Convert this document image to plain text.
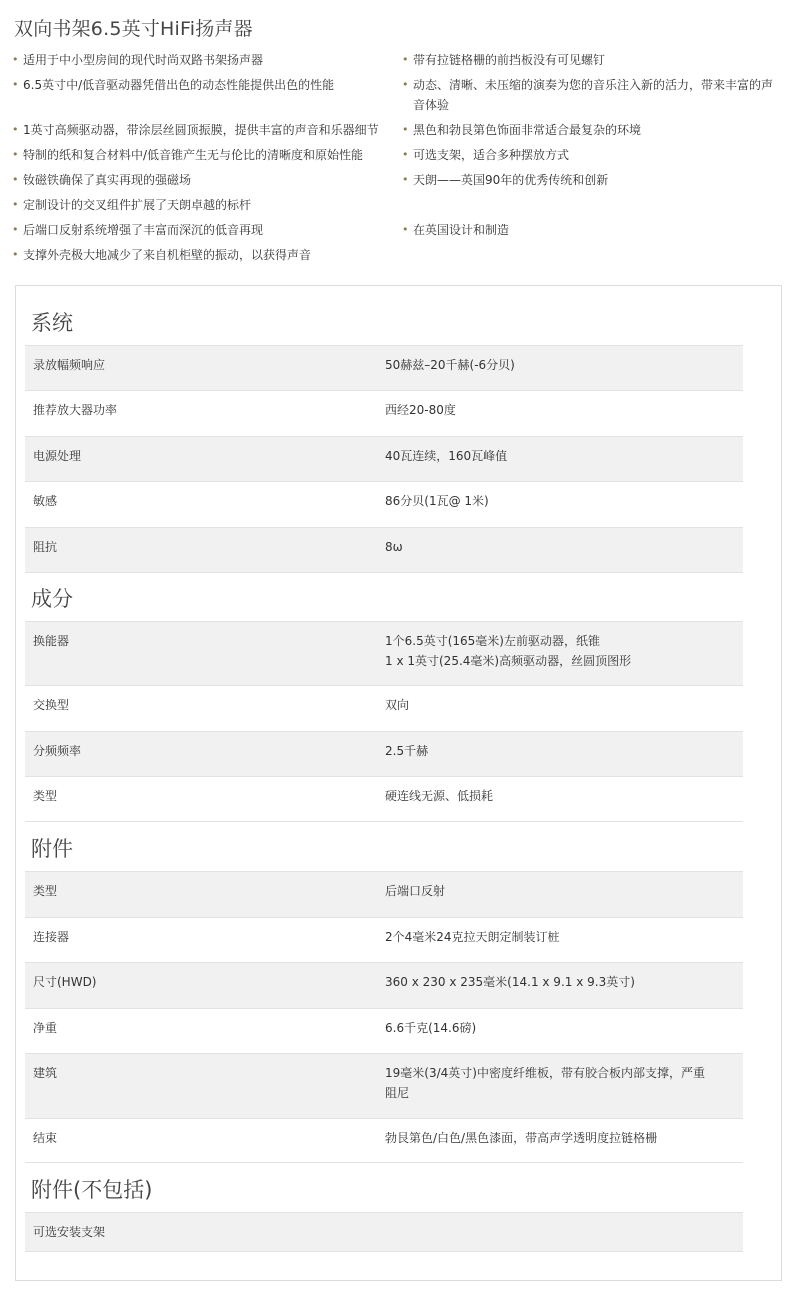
双向书架6.5英寸HiFi扬声器
• 适用于中小型房间的现代时尚双路书架扬声器	• 带有拉链格栅的前挡板没有可见螺钉
• 6.5英寸中/低音驱动器凭借出色的动态性能提供出色的性能	• 动态、清晰、未压缩的演奏为您的音乐注入新的活力，带来丰富的声音体验
• 1英寸高频驱动器，带涂层丝圆顶振膜，提供丰富的声音和乐器细节	• 黑色和勃艮第色饰面非常适合最复杂的环境
• 特制的纸和复合材料中/低音锥产生无与伦比的清晰度和原始性能	• 可选支架，适合多种摆放方式
• 钕磁铁确保了真实再现的强磁场	• 天朗——英国90年的优秀传统和创新
• 定制设计的交叉组件扩展了天朗卓越的标杆
• 后端口反射系统增强了丰富而深沉的低音再现	• 在英国设计和制造
• 支撑外壳极大地减少了来自机柜壁的振动，以获得声音
系统
录放幅频响应	50赫兹–20千赫(-6分贝)
推荐放大器功率	西经20-80度
电源处理	40瓦连续，160瓦峰值
敏感	86分贝(1瓦@ 1米)
阻抗	8ω
成分
换能器	1个6.5英寸(165毫米)左前驱动器，纸锥
1 x 1英寸(25.4毫米)高频驱动器，丝圆顶图形
交换型	双向
分频频率	2.5千赫
类型	硬连线无源、低损耗
附件
类型	后端口反射
连接器	2个4毫米24克拉天朗定制装订桩
尺寸(HWD)	360 x 230 x 235毫米(14.1 x 9.1 x 9.3英寸)
净重	6.6千克(14.6磅)
建筑	19毫米(3/4英寸)中密度纤维板，带有胶合板内部支撑，严重
阻尼
结束	勃艮第色/白色/黑色漆面，带高声学透明度拉链格栅
附件(不包括)
可选安装支架
